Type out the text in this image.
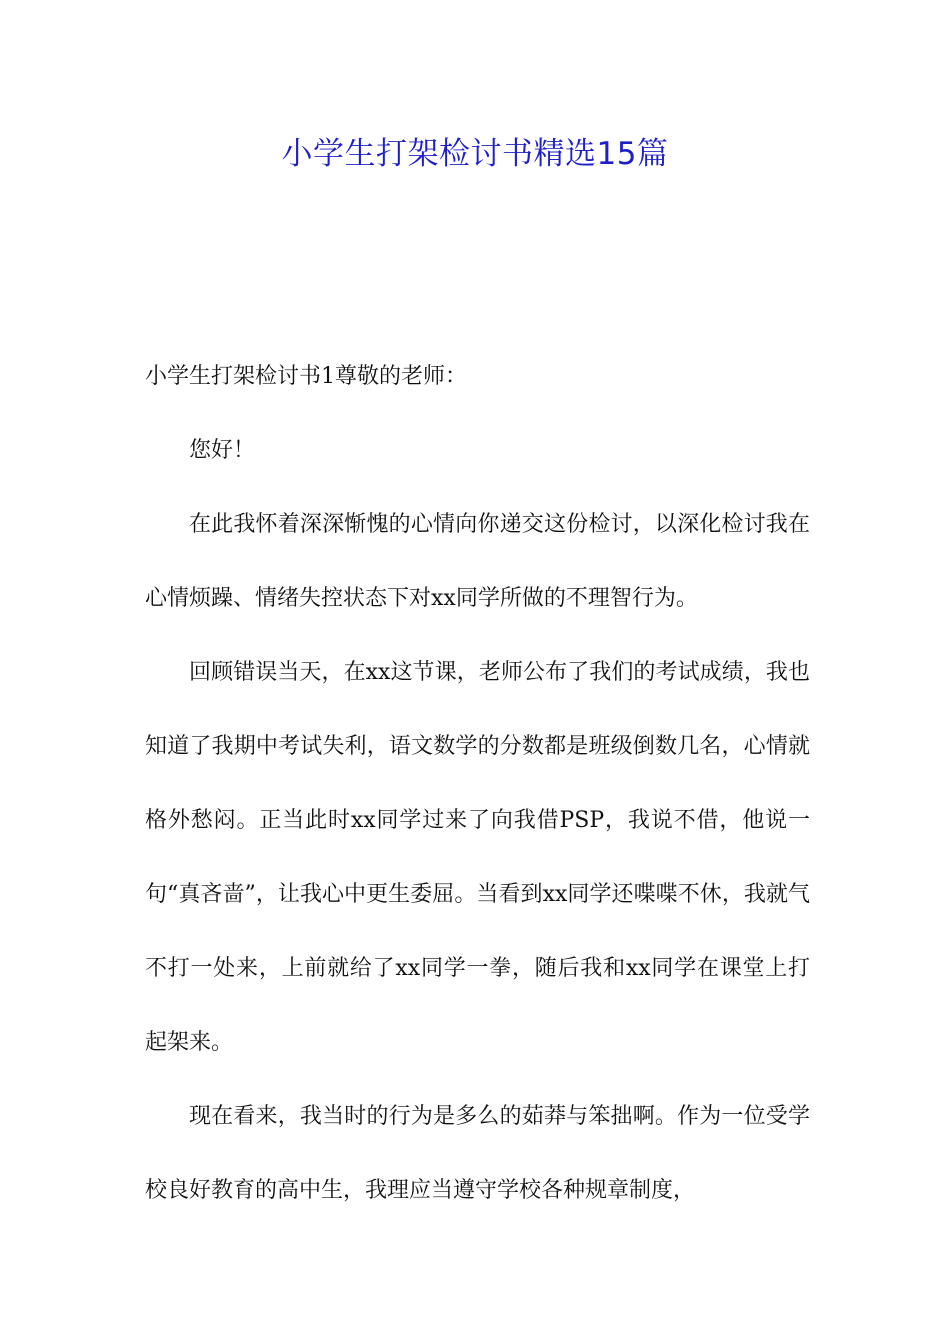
小学生打架检讨书精选15篇

小学生打架检讨书1尊敬的老师：

您好！

在此我怀着深深惭愧的心情向你递交这份检讨，以深化检讨我在心情烦躁、情绪失控状态下对xx同学所做的不理智行为。

回顾错误当天，在xx这节课，老师公布了我们的考试成绩，我也知道了我期中考试失利，语文数学的分数都是班级倒数几名，心情就格外愁闷。正当此时xx同学过来了向我借PSP，我说不借，他说一句“真吝啬”，让我心中更生委屈。当看到xx同学还喋喋不休，我就气不打一处来，上前就给了xx同学一拳，随后我和xx同学在课堂上打起架来。

现在看来，我当时的行为是多么的茹莽与笨拙啊。作为一位受学校良好教育的高中生，我理应当遵守学校各种规章制度，
